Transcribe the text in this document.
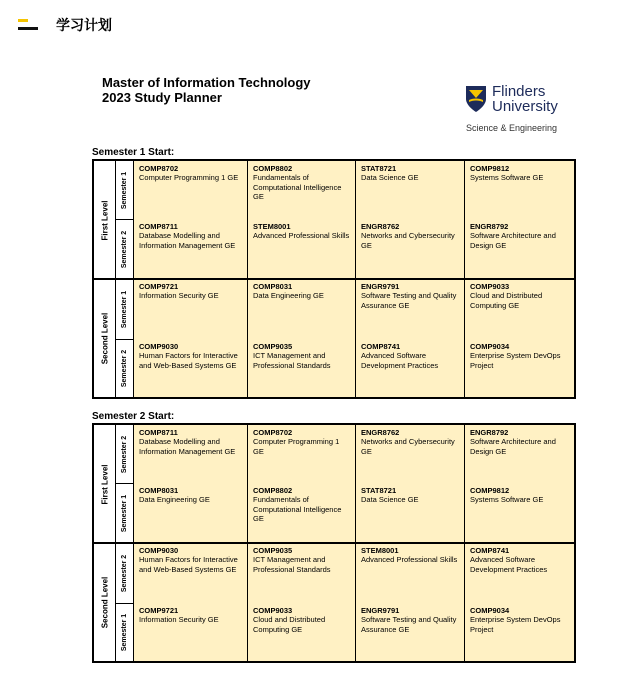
学习计划
Master of Information Technology
2023 Study Planner	Flinders
University
Science & Engineering
Semester 1 Start:
First Level
Semester 1
COMP8702
Computer Programming 1 GE
COMP8802
Fundamentals of Computational Intelligence GE
STAT8721
Data Science GE
COMP9812
Systems Software GE
Semester 2
COMP8711
Database Modelling and Information Management GE
STEM8001
Advanced Professional Skills
ENGR8762
Networks and Cybersecurity GE
ENGR8792
Software Architecture and Design GE
Second Level
Semester 1
COMP9721
Information Security GE
COMP8031
Data Engineering GE
ENGR9791
Software Testing and Quality Assurance GE
COMP9033
Cloud and Distributed Computing GE
Semester 2
COMP9030
Human Factors for Interactive and Web-Based Systems GE
COMP9035
ICT Management and Professional Standards
COMP8741
Advanced Software Development Practices
COMP9034
Enterprise System DevOps Project
Semester 2 Start:
First Level
Semester 2
COMP8711
Database Modelling and Information Management GE
COMP8702
Computer Programming 1 GE
ENGR8762
Networks and Cybersecurity GE
ENGR8792
Software Architecture and Design GE
Semester 1
COMP8031
Data Engineering GE
COMP8802
Fundamentals of Computational Intelligence GE
STAT8721
Data Science GE
COMP9812
Systems Software GE
Second Level
Semester 2
COMP9030
Human Factors for Interactive and Web-Based Systems GE
COMP9035
ICT Management and Professional Standards
STEM8001
Advanced Professional Skills
COMP8741
Advanced Software Development Practices
Semester 1
COMP9721
Information Security GE
COMP9033
Cloud and Distributed Computing GE
ENGR9791
Software Testing and Quality Assurance GE
COMP9034
Enterprise System DevOps Project
